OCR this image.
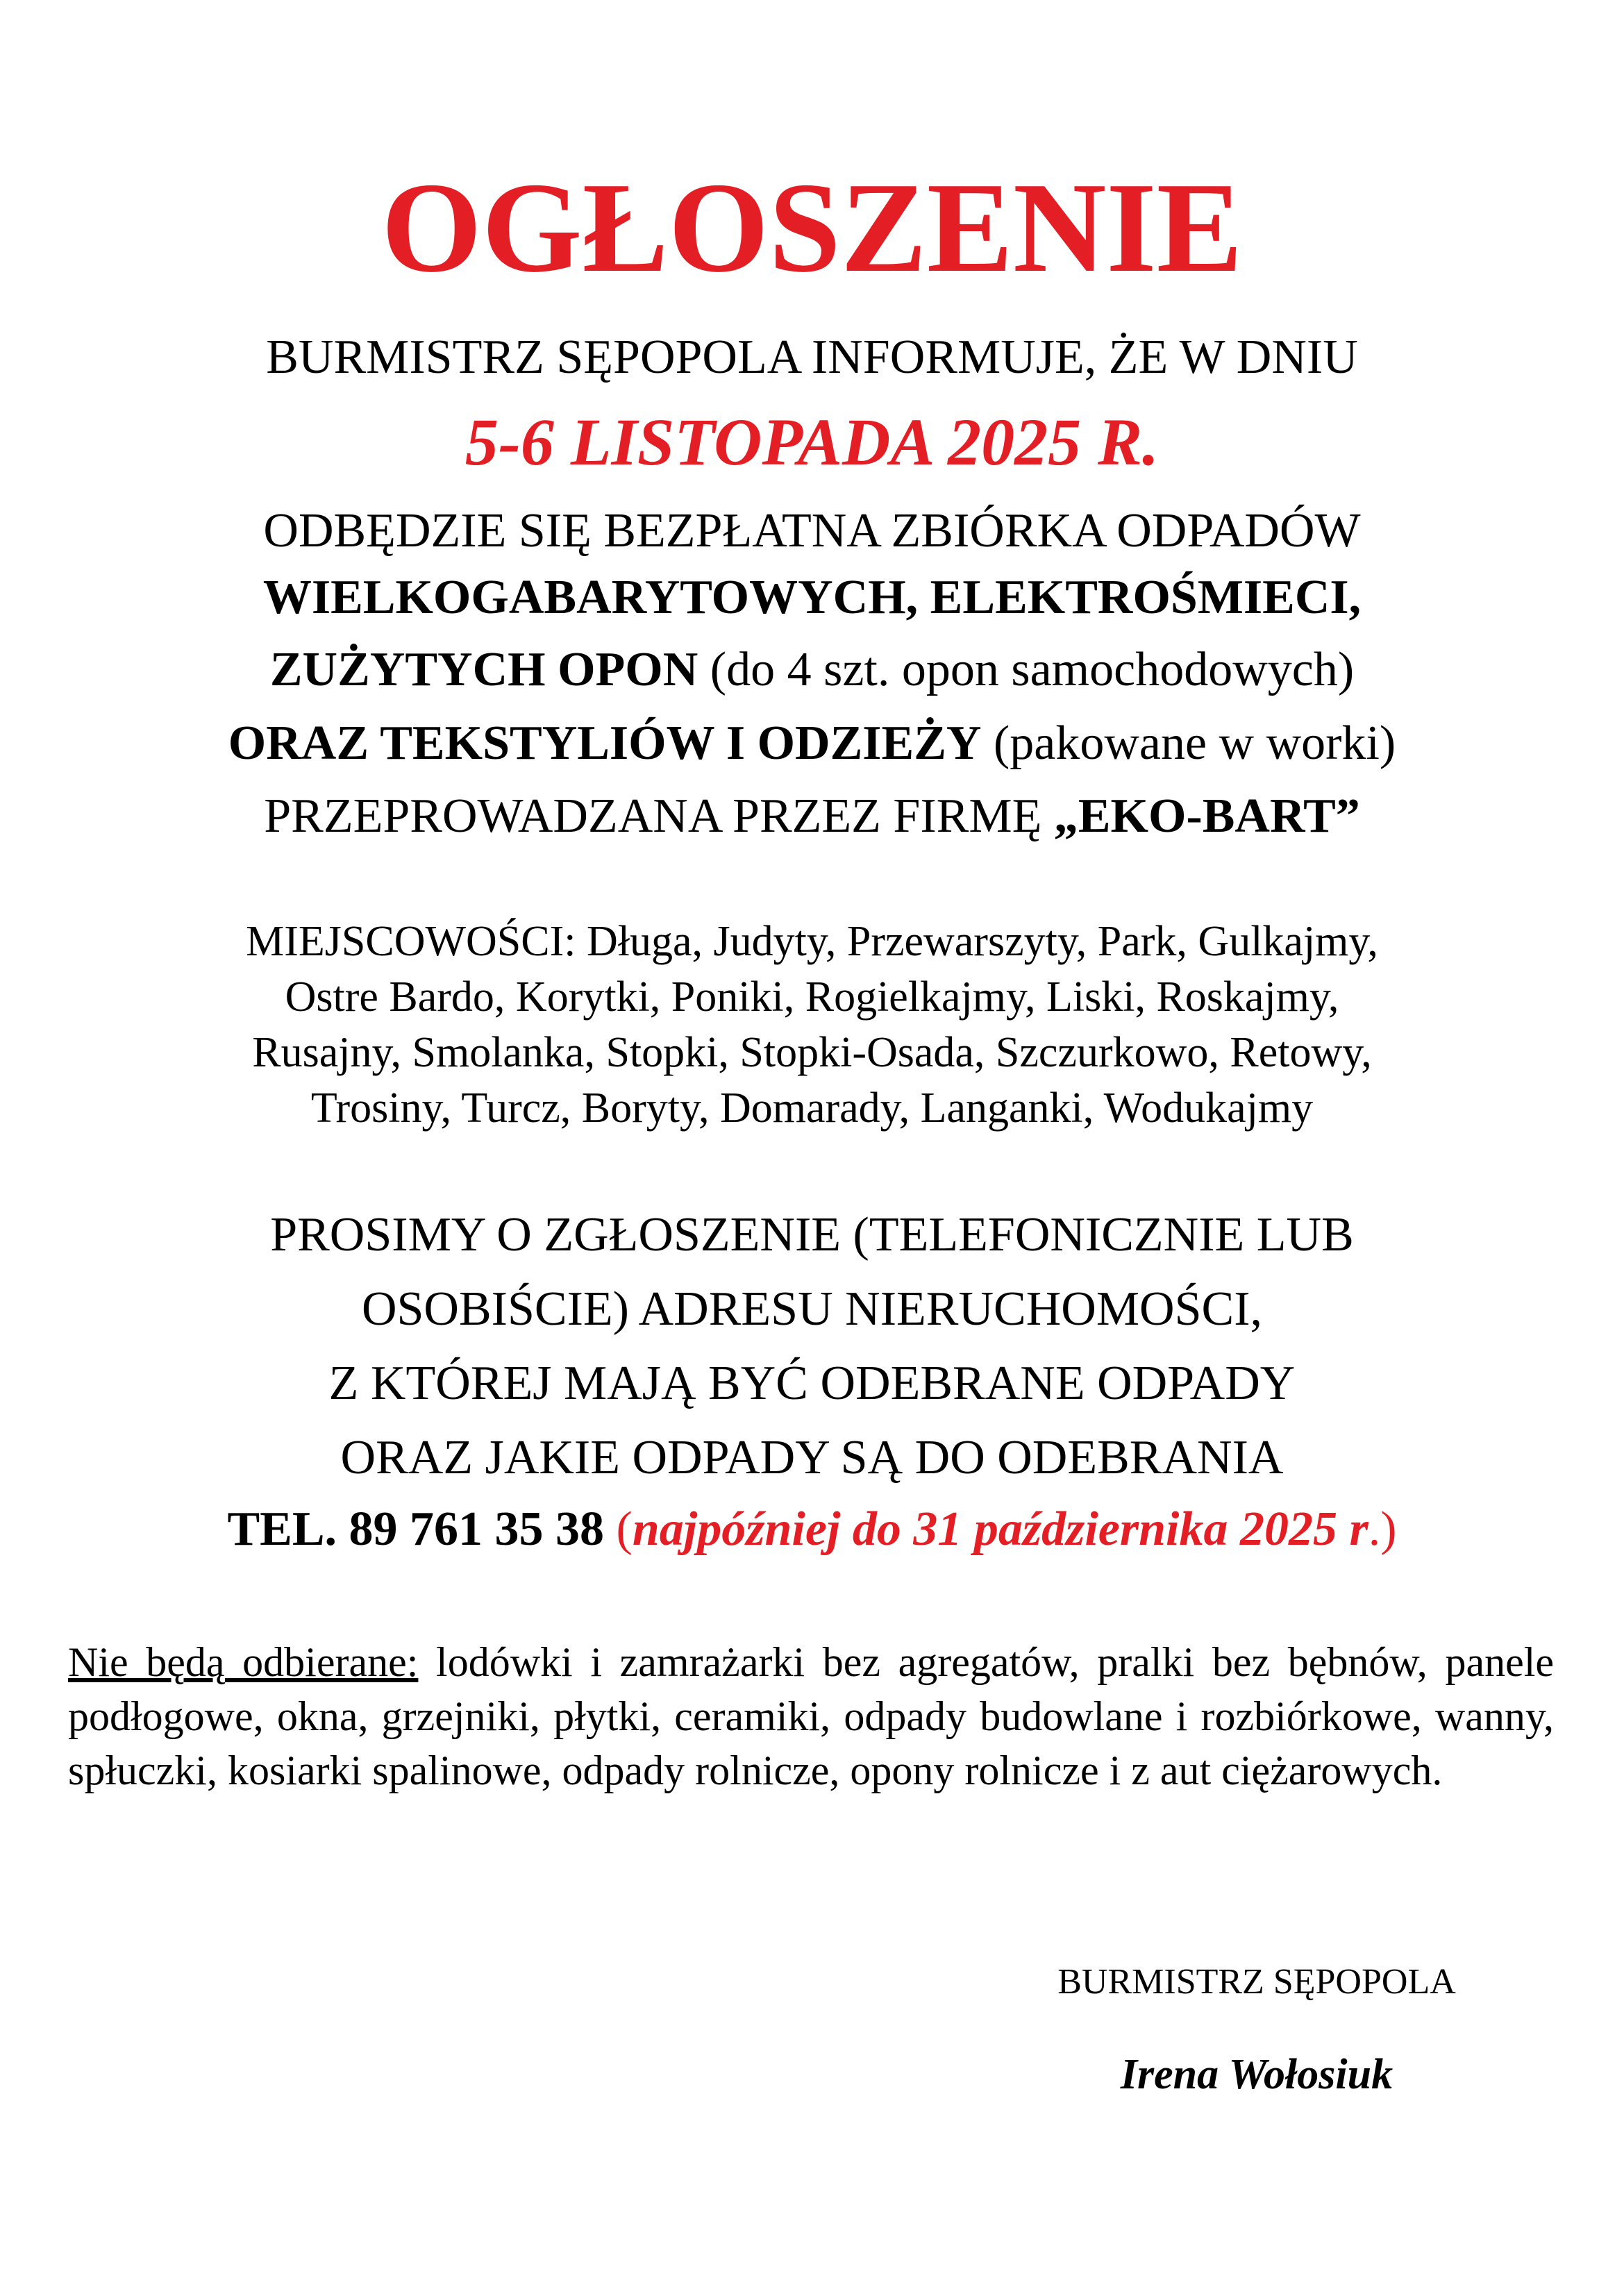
OGŁOSZENIE
BURMISTRZ SĘPOPOLA INFORMUJE, ŻE W DNIU
5-6 LISTOPADA 2025 R.
ODBĘDZIE SIĘ BEZPŁATNA ZBIÓRKA ODPADÓW
WIELKOGABARYTOWYCH, ELEKTROŚMIECI,
ZUŻYTYCH OPON (do 4 szt. opon samochodowych)
ORAZ TEKSTYLIÓW I ODZIEŻY (pakowane w worki)
PRZEPROWADZANA PRZEZ FIRMĘ „EKO-BART”
MIEJSCOWOŚCI: Długa, Judyty, Przewarszyty, Park, Gulkajmy,
Ostre Bardo, Korytki, Poniki, Rogielkajmy, Liski, Roskajmy,
Rusajny, Smolanka, Stopki, Stopki-Osada, Szczurkowo, Retowy,
Trosiny, Turcz, Boryty, Domarady, Langanki, Wodukajmy
PROSIMY O ZGŁOSZENIE (TELEFONICZNIE LUB
OSOBIŚCIE) ADRESU NIERUCHOMOŚCI,
Z KTÓREJ MAJĄ BYĆ ODEBRANE ODPADY
ORAZ JAKIE ODPADY SĄ DO ODEBRANIA
TEL. 89 761 35 38 (najpóźniej do 31 października 2025 r.)
Nie będą odbierane: lodówki i zamrażarki bez agregatów, pralki bez bębnów, panele podłogowe, okna, grzejniki, płytki, ceramiki, odpady budowlane i rozbiórkowe, wanny, spłuczki, kosiarki spalinowe, odpady rolnicze, opony rolnicze i z aut ciężarowych.
BURMISTRZ SĘPOPOLA
Irena Wołosiuk
